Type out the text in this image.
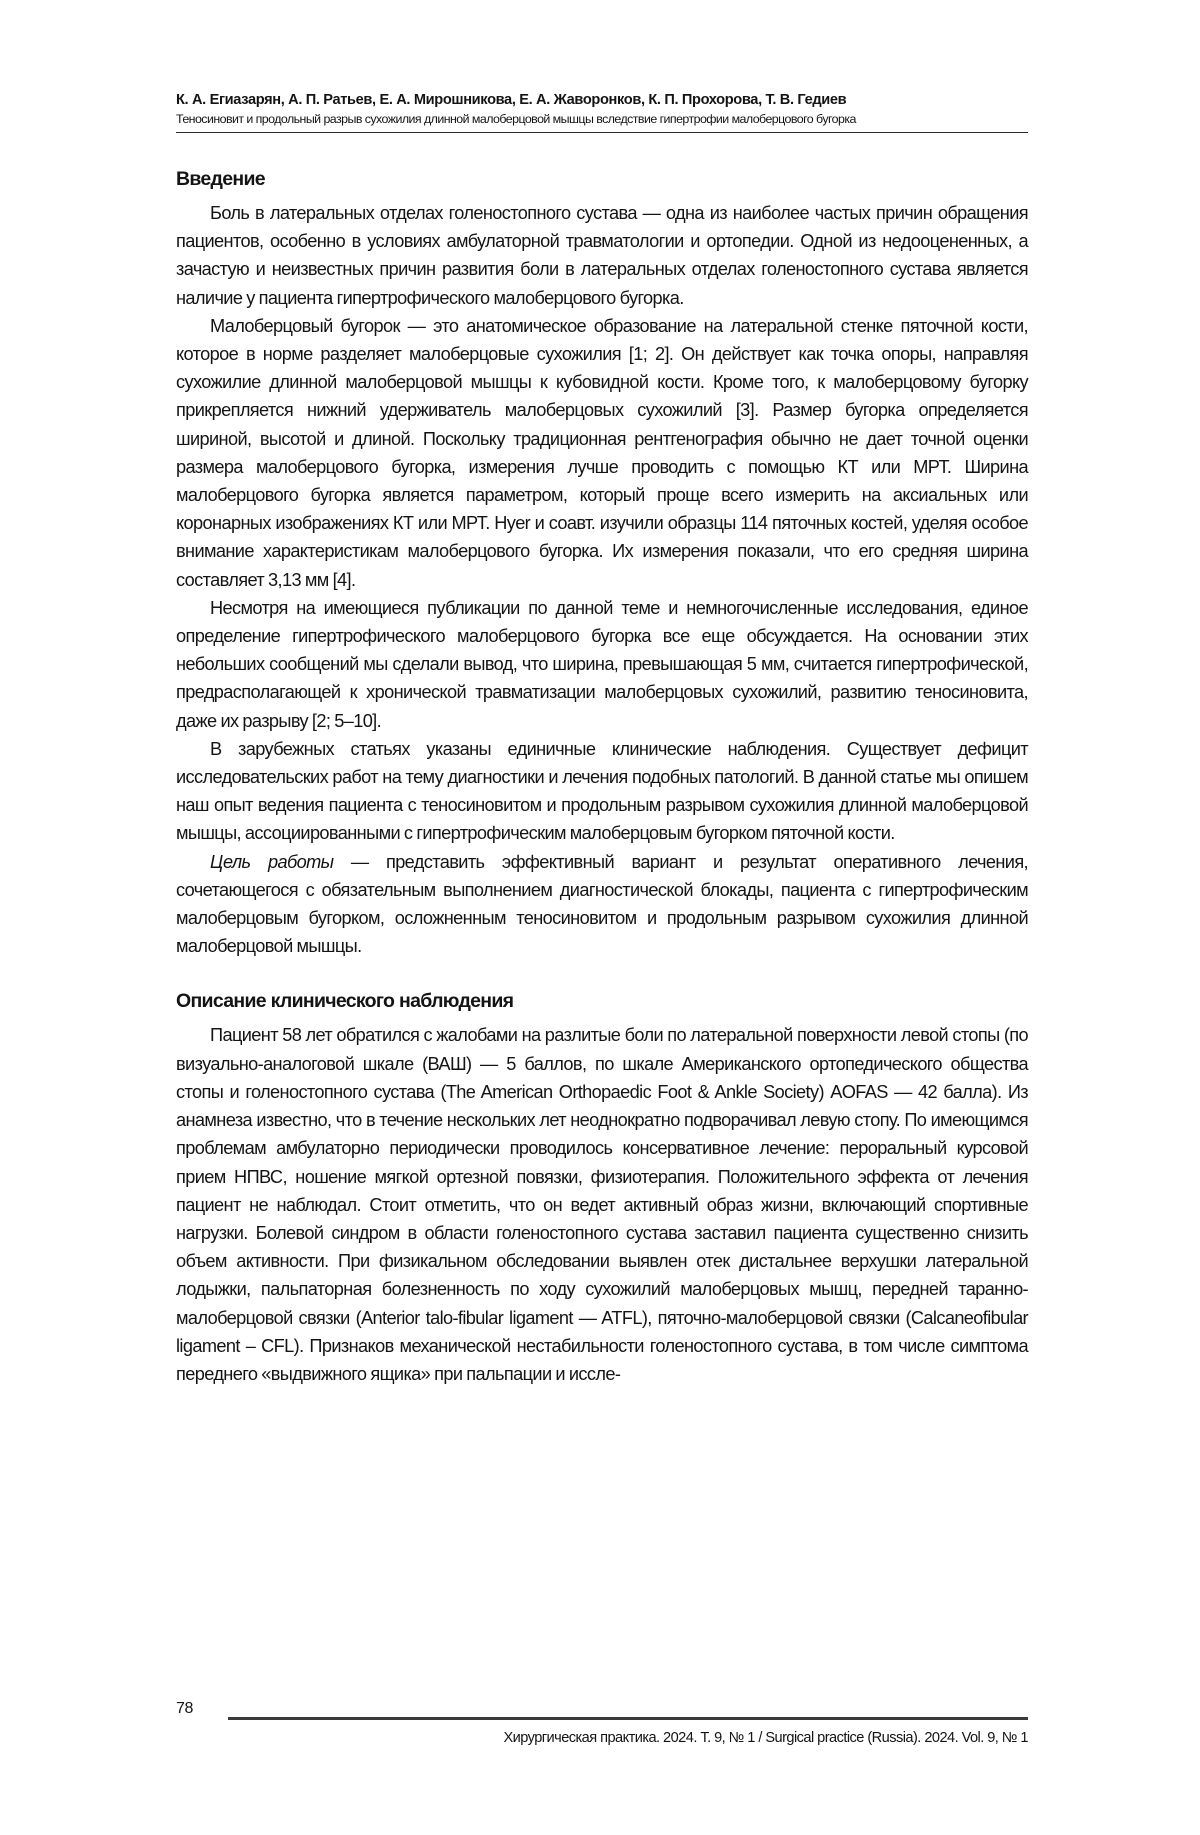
К. А. Егиазарян, А. П. Ратьев, Е. А. Мирошникова, Е. А. Жаворонков, К. П. Прохорова, Т. В. Гедиев
Теносиновит и продольный разрыв сухожилия длинной малоберцовой мышцы вследствие гипертрофии малоберцового бугорка
Введение

Боль в латеральных отделах голеностопного сустава — одна из наиболее частых причин обращения пациентов, особенно в условиях амбулаторной травматологии и ортопедии. Одной из недооцененных, а зачастую и неизвестных причин развития боли в латеральных отделах голеностопного сустава является наличие у пациента гипертрофического малоберцового бугорка.

Малоберцовый бугорок — это анатомическое образование на латеральной стенке пяточной кости, которое в норме разделяет малоберцовые сухожилия [1; 2]. Он действует как точка опоры, направляя сухожилие длинной малоберцовой мышцы к кубовидной кости. Кроме того, к малоберцовому бугорку прикрепляется нижний удерживатель малоберцовых сухожилий [3]. Размер бугорка определяется шириной, высотой и длиной. Поскольку традиционная рентгенография обычно не дает точной оценки размера малоберцового бугорка, измерения лучше проводить с помощью КТ или МРТ. Ширина малоберцового бугорка является параметром, который проще всего измерить на аксиальных или коронарных изображениях КТ или МРТ. Hyer и соавт. изучили образцы 114 пяточных костей, уделяя особое внимание характеристикам малоберцового бугорка. Их измерения показали, что его средняя ширина составляет 3,13 мм [4].

Несмотря на имеющиеся публикации по данной теме и немногочисленные исследования, единое определение гипертрофического малоберцового бугорка все еще обсуждается. На основании этих небольших сообщений мы сделали вывод, что ширина, превышающая 5 мм, считается гипертрофической, предрасполагающей к хронической травматизации малоберцовых сухожилий, развитию теносиновита, даже их разрыву [2; 5–10].

В зарубежных статьях указаны единичные клинические наблюдения. Существует дефицит исследовательских работ на тему диагностики и лечения подобных патологий. В данной статье мы опишем наш опыт ведения пациента с теносиновитом и продольным разрывом сухожилия длинной малоберцовой мышцы, ассоциированными с гипертрофическим малоберцовым бугорком пяточной кости.

Цель работы — представить эффективный вариант и результат оперативного лечения, сочетающегося с обязательным выполнением диагностической блокады, пациента с гипертрофическим малоберцовым бугорком, осложненным теносиновитом и продольным разрывом сухожилия длинной малоберцовой мышцы.

Описание клинического наблюдения

Пациент 58 лет обратился с жалобами на разлитые боли по латеральной поверхности левой стопы (по визуально-аналоговой шкале (ВАШ) — 5 баллов, по шкале Американского ортопедического общества стопы и голеностопного сустава (The American Orthopaedic Foot & Ankle Society) AOFAS — 42 балла). Из анамнеза известно, что в течение нескольких лет неоднократно подворачивал левую стопу. По имеющимся проблемам амбулаторно периодически проводилось консервативное лечение: пероральный курсовой прием НПВС, ношение мягкой ортезной повязки, физиотерапия. Положительного эффекта от лечения пациент не наблюдал. Стоит отметить, что он ведет активный образ жизни, включающий спортивные нагрузки. Болевой синдром в области голеностопного сустава заставил пациента существенно снизить объем активности. При физикальном обследовании выявлен отек дистальнее верхушки латеральной лодыжки, пальпаторная болезненность по ходу сухожилий малоберцовых мышц, передней таранно-малоберцовой связки (Anterior talo-fibular ligament — ATFL), пяточно-малоберцовой связки (Calcaneofibular ligament – CFL). Признаков механической нестабильности голеностопного сустава, в том числе симптома переднего «выдвижного ящика» при пальпации и иссле-

78
Хирургическая практика. 2024. Т. 9, № 1 / Surgical practice (Russia). 2024. Vol. 9, № 1
